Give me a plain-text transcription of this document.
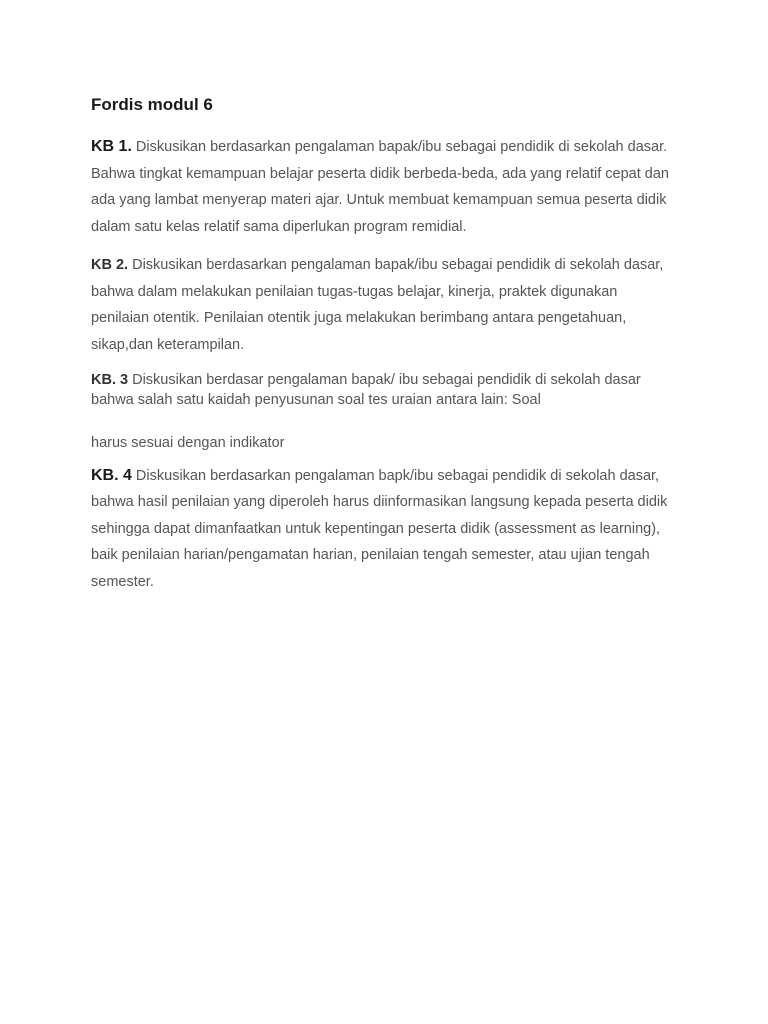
Fordis modul 6

KB 1. Diskusikan berdasarkan pengalaman bapak/ibu sebagai pendidik di sekolah dasar. Bahwa tingkat kemampuan belajar peserta didik berbeda-beda, ada yang relatif cepat dan ada yang lambat menyerap materi ajar. Untuk membuat kemampuan semua peserta didik dalam satu kelas relatif sama diperlukan program remidial.

KB 2. Diskusikan berdasarkan pengalaman bapak/ibu sebagai pendidik di sekolah dasar, bahwa dalam melakukan penilaian tugas-tugas belajar, kinerja, praktek digunakan penilaian otentik. Penilaian otentik juga melakukan berimbang antara pengetahuan, sikap,dan keterampilan.

KB. 3 Diskusikan berdasar pengalaman bapak/ ibu sebagai pendidik di sekolah dasar bahwa salah satu kaidah penyusunan soal tes uraian antara lain: Soal

harus sesuai dengan indikator

KB. 4 Diskusikan berdasarkan pengalaman bapk/ibu sebagai pendidik di sekolah dasar, bahwa hasil penilaian yang diperoleh harus diinformasikan langsung kepada peserta didik sehingga dapat dimanfaatkan untuk kepentingan peserta didik (assessment as learning), baik penilaian harian/pengamatan harian, penilaian tengah semester, atau ujian tengah semester.
